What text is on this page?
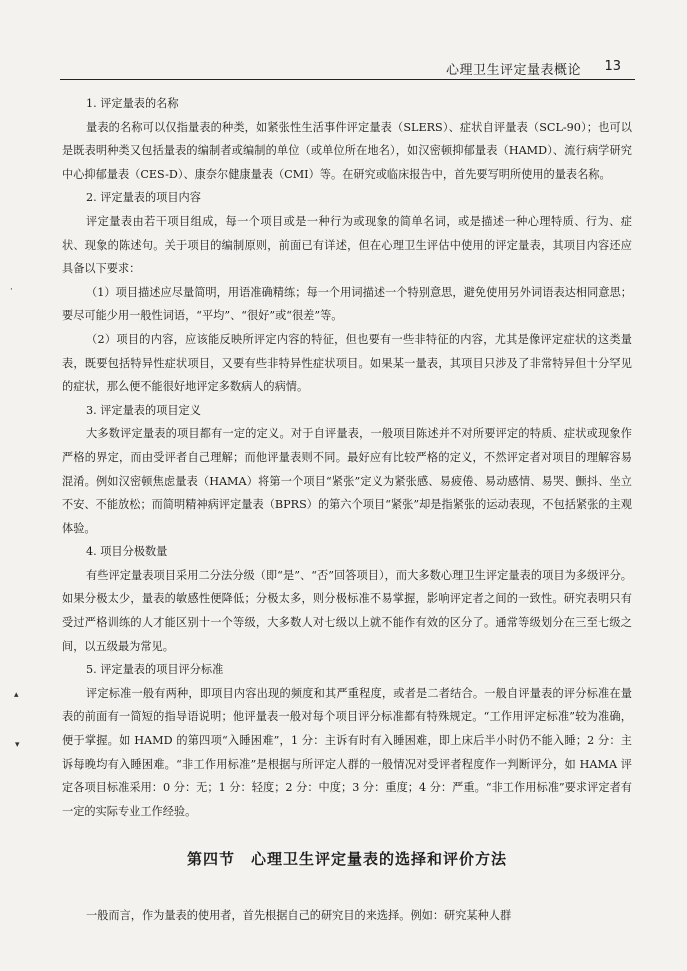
心理卫生评定量表概论 13
1. 评定量表的名称
量表的名称可以仅指量表的种类，如紧张性生活事件评定量表（SLERS）、症状自评量表（SCL-90）；也可以是既表明种类又包括量表的编制者或编制的单位（或单位所在地名），如汉密顿抑郁量表（HAMD）、流行病学研究中心抑郁量表（CES-D）、康奈尔健康量表（CMI）等。在研究或临床报告中，首先要写明所使用的量表名称。
2. 评定量表的项目内容
评定量表由若干项目组成，每一个项目或是一种行为或现象的简单名词，或是描述一种心理特质、行为、症状、现象的陈述句。关于项目的编制原则，前面已有详述，但在心理卫生评估中使用的评定量表，其项目内容还应具备以下要求：
（1）项目描述应尽量简明，用语准确精练；每一个用词描述一个特别意思，避免使用另外词语表达相同意思；要尽可能少用一般性词语，“平均”、“很好”或“很差”等。
（2）项目的内容，应该能反映所评定内容的特征，但也要有一些非特征的内容，尤其是像评定症状的这类量表，既要包括特异性症状项目，又要有些非特异性症状项目。如果某一量表，其项目只涉及了非常特异但十分罕见的症状，那么便不能很好地评定多数病人的病情。
3. 评定量表的项目定义
大多数评定量表的项目都有一定的定义。对于自评量表，一般项目陈述并不对所要评定的特质、症状或现象作严格的界定，而由受评者自己理解；而他评量表则不同。最好应有比较严格的定义，不然评定者对项目的理解容易混淆。例如汉密顿焦虑量表（HAMA）将第一个项目“紧张”定义为紧张感、易疲倦、易动感情、易哭、颤抖、坐立不安、不能放松；而简明精神病评定量表（BPRS）的第六个项目“紧张”却是指紧张的运动表现，不包括紧张的主观体验。
4. 项目分极数量
有些评定量表项目采用二分法分级（即“是”、“否”回答项目），而大多数心理卫生评定量表的项目为多级评分。如果分极太少，量表的敏感性便降低；分极太多，则分极标准不易掌握，影响评定者之间的一致性。研究表明只有受过严格训练的人才能区别十一个等级，大多数人对七级以上就不能作有效的区分了。通常等级划分在三至七级之间，以五级最为常见。
5. 评定量表的项目评分标准
评定标准一般有两种，即项目内容出现的频度和其严重程度，或者是二者结合。一般自评量表的评分标准在量表的前面有一简短的指导语说明；他评量表一般对每个项目评分标准都有特殊规定。“工作用评定标准”较为准确，便于掌握。如 HAMD 的第四项“入睡困难”，1 分：主诉有时有入睡困难，即上床后半小时仍不能入睡；2 分：主诉每晚均有入睡困难。“非工作用标准”是根据与所评定人群的一般情况对受评者程度作一判断评分，如 HAMA 评定各项目标准采用：0 分：无；1 分：轻度；2 分：中度；3 分：重度；4 分：严重。“非工作用标准”要求评定者有一定的实际专业工作经验。
第四节　心理卫生评定量表的选择和评价方法
一般而言，作为量表的使用者，首先根据自己的研究目的来选择。例如：研究某种人群
·
▴
▾
